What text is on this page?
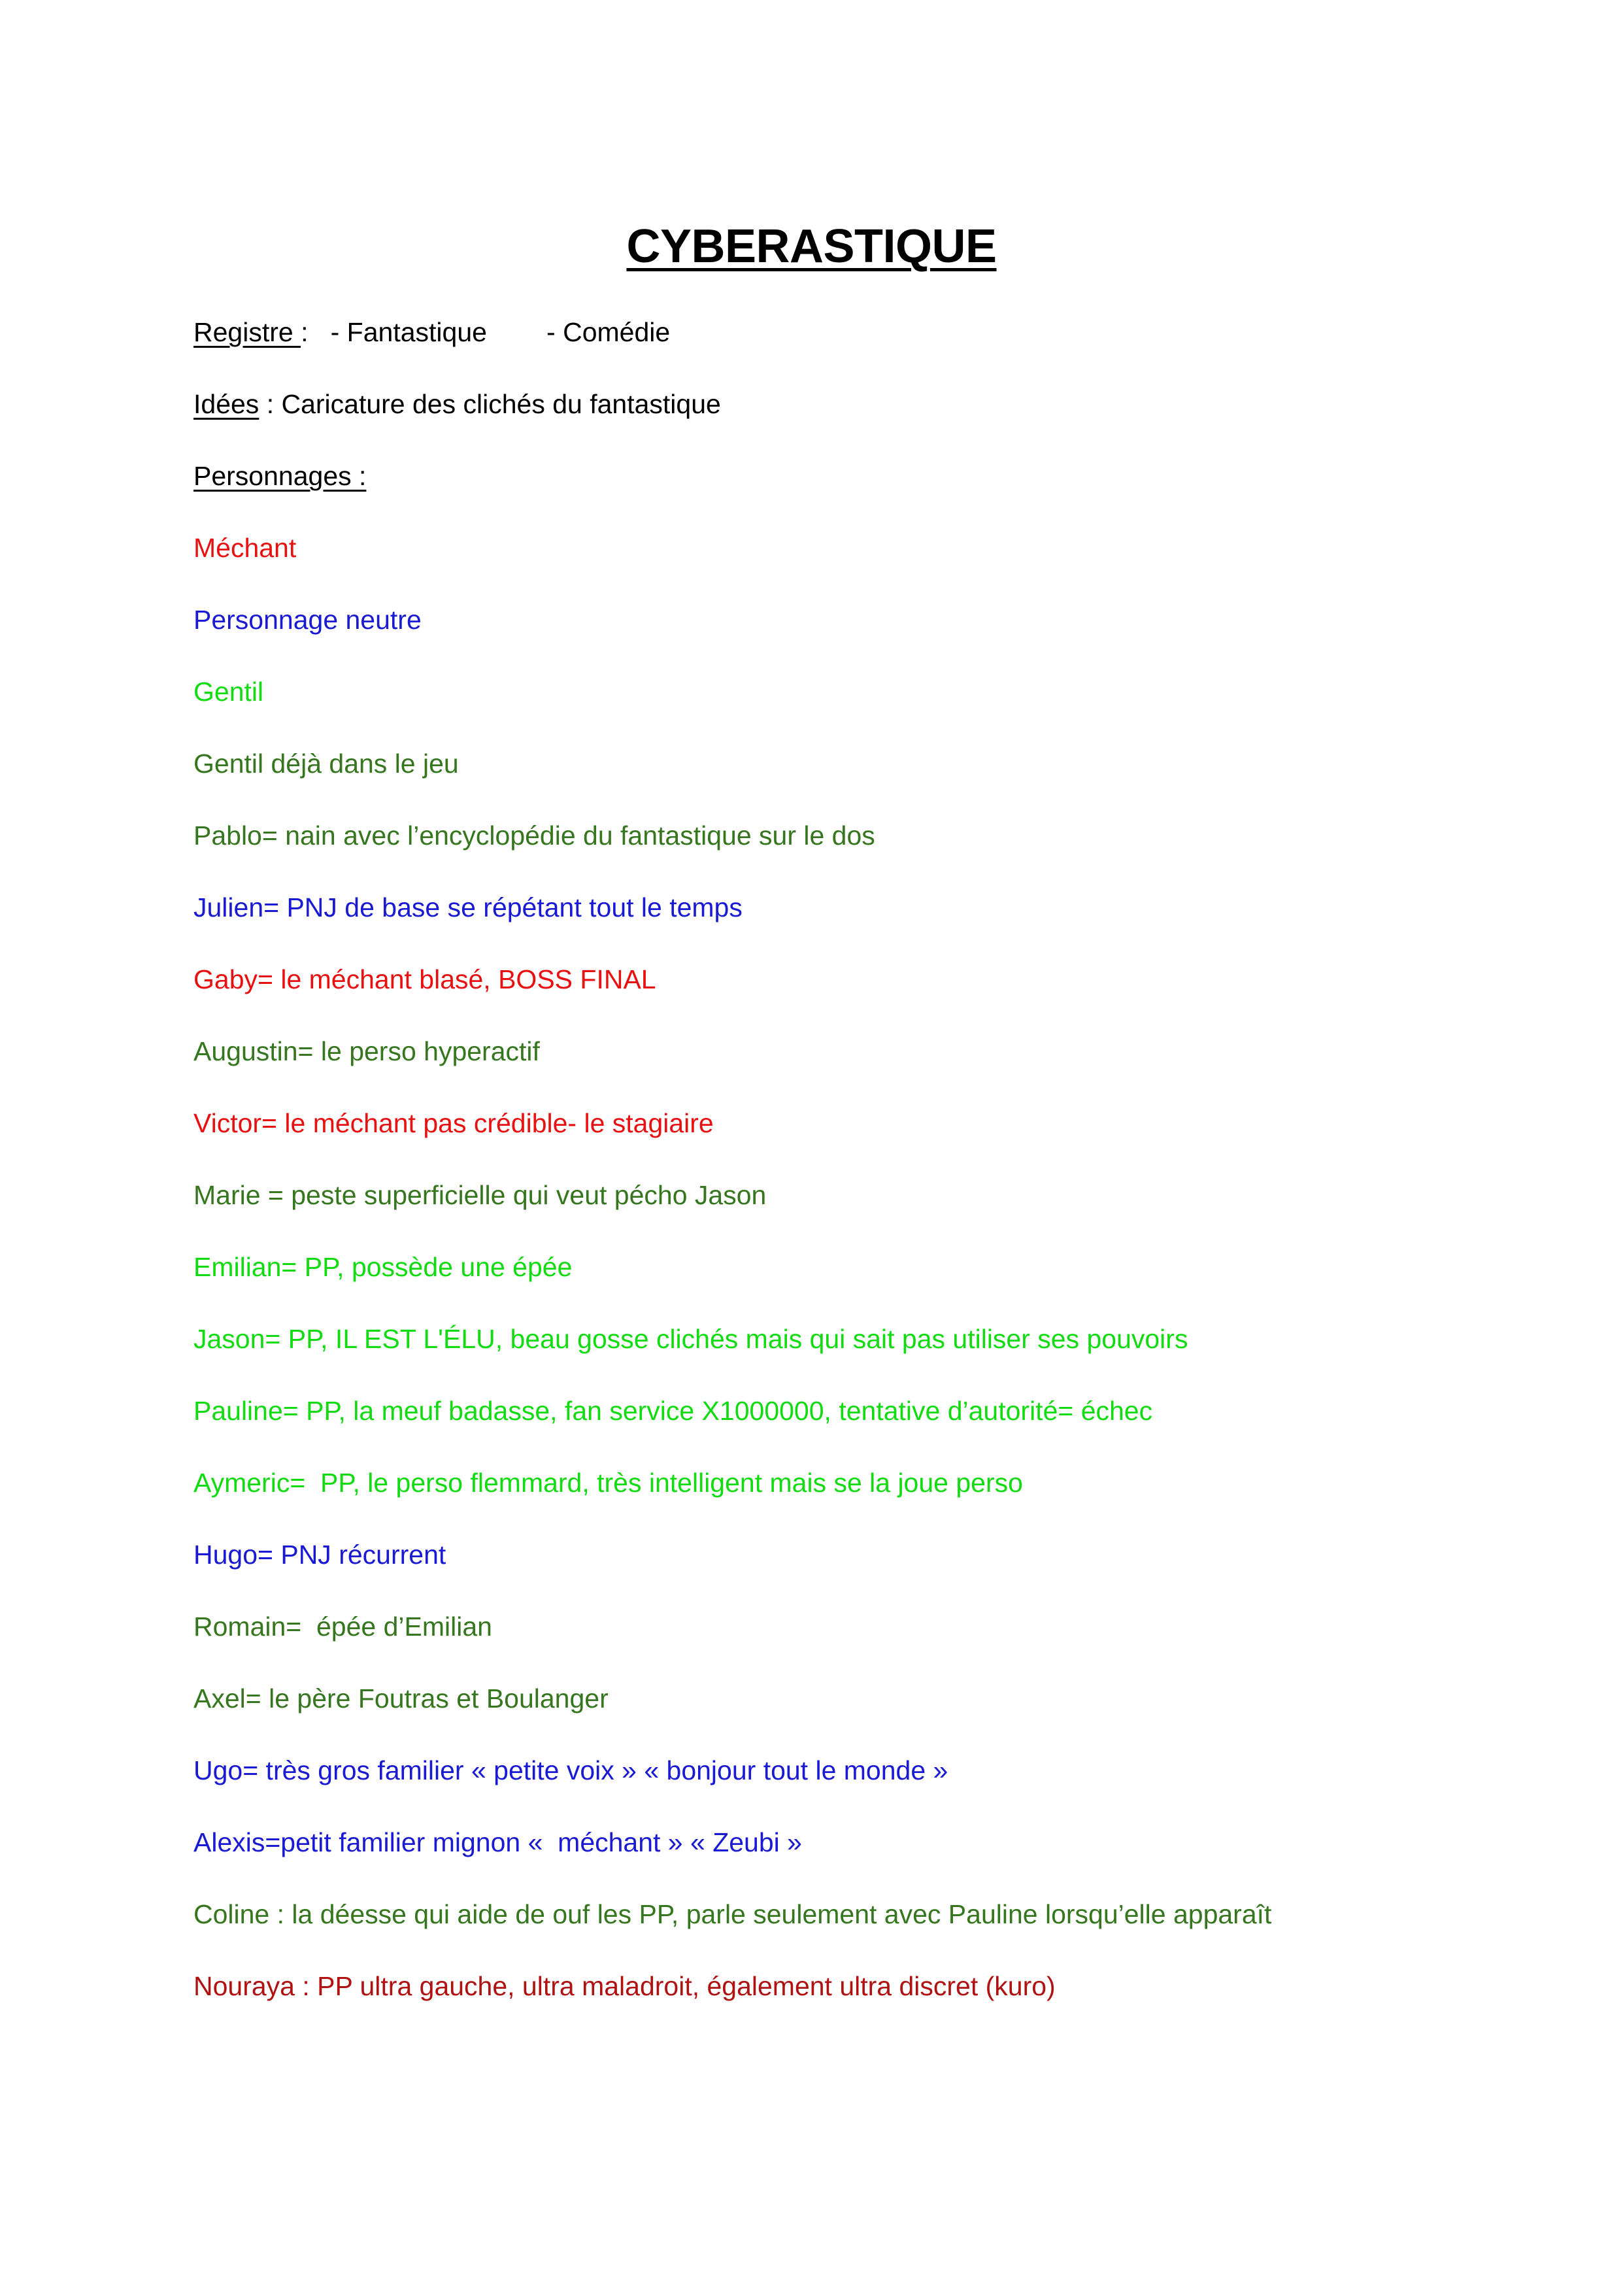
CYBERASTIQUE
Registre :   - Fantastique        - Comédie
Idées : Caricature des clichés du fantastique
Personnages :
Méchant
Personnage neutre
Gentil
Gentil déjà dans le jeu
Pablo= nain avec l’encyclopédie du fantastique sur le dos
Julien= PNJ de base se répétant tout le temps
Gaby= le méchant blasé, BOSS FINAL
Augustin= le perso hyperactif
Victor= le méchant pas crédible- le stagiaire
Marie = peste superficielle qui veut pécho Jason
Emilian= PP, possède une épée
Jason= PP, IL EST L'ÉLU, beau gosse clichés mais qui sait pas utiliser ses pouvoirs
Pauline= PP, la meuf badasse, fan service X1000000, tentative d’autorité= échec
Aymeric=  PP, le perso flemmard, très intelligent mais se la joue perso
Hugo= PNJ récurrent
Romain=  épée d’Emilian
Axel= le père Foutras et Boulanger
Ugo= très gros familier « petite voix » « bonjour tout le monde »
Alexis=petit familier mignon «  méchant » « Zeubi »
Coline : la déesse qui aide de ouf les PP, parle seulement avec Pauline lorsqu’elle apparaît
Nouraya : PP ultra gauche, ultra maladroit, également ultra discret (kuro)
